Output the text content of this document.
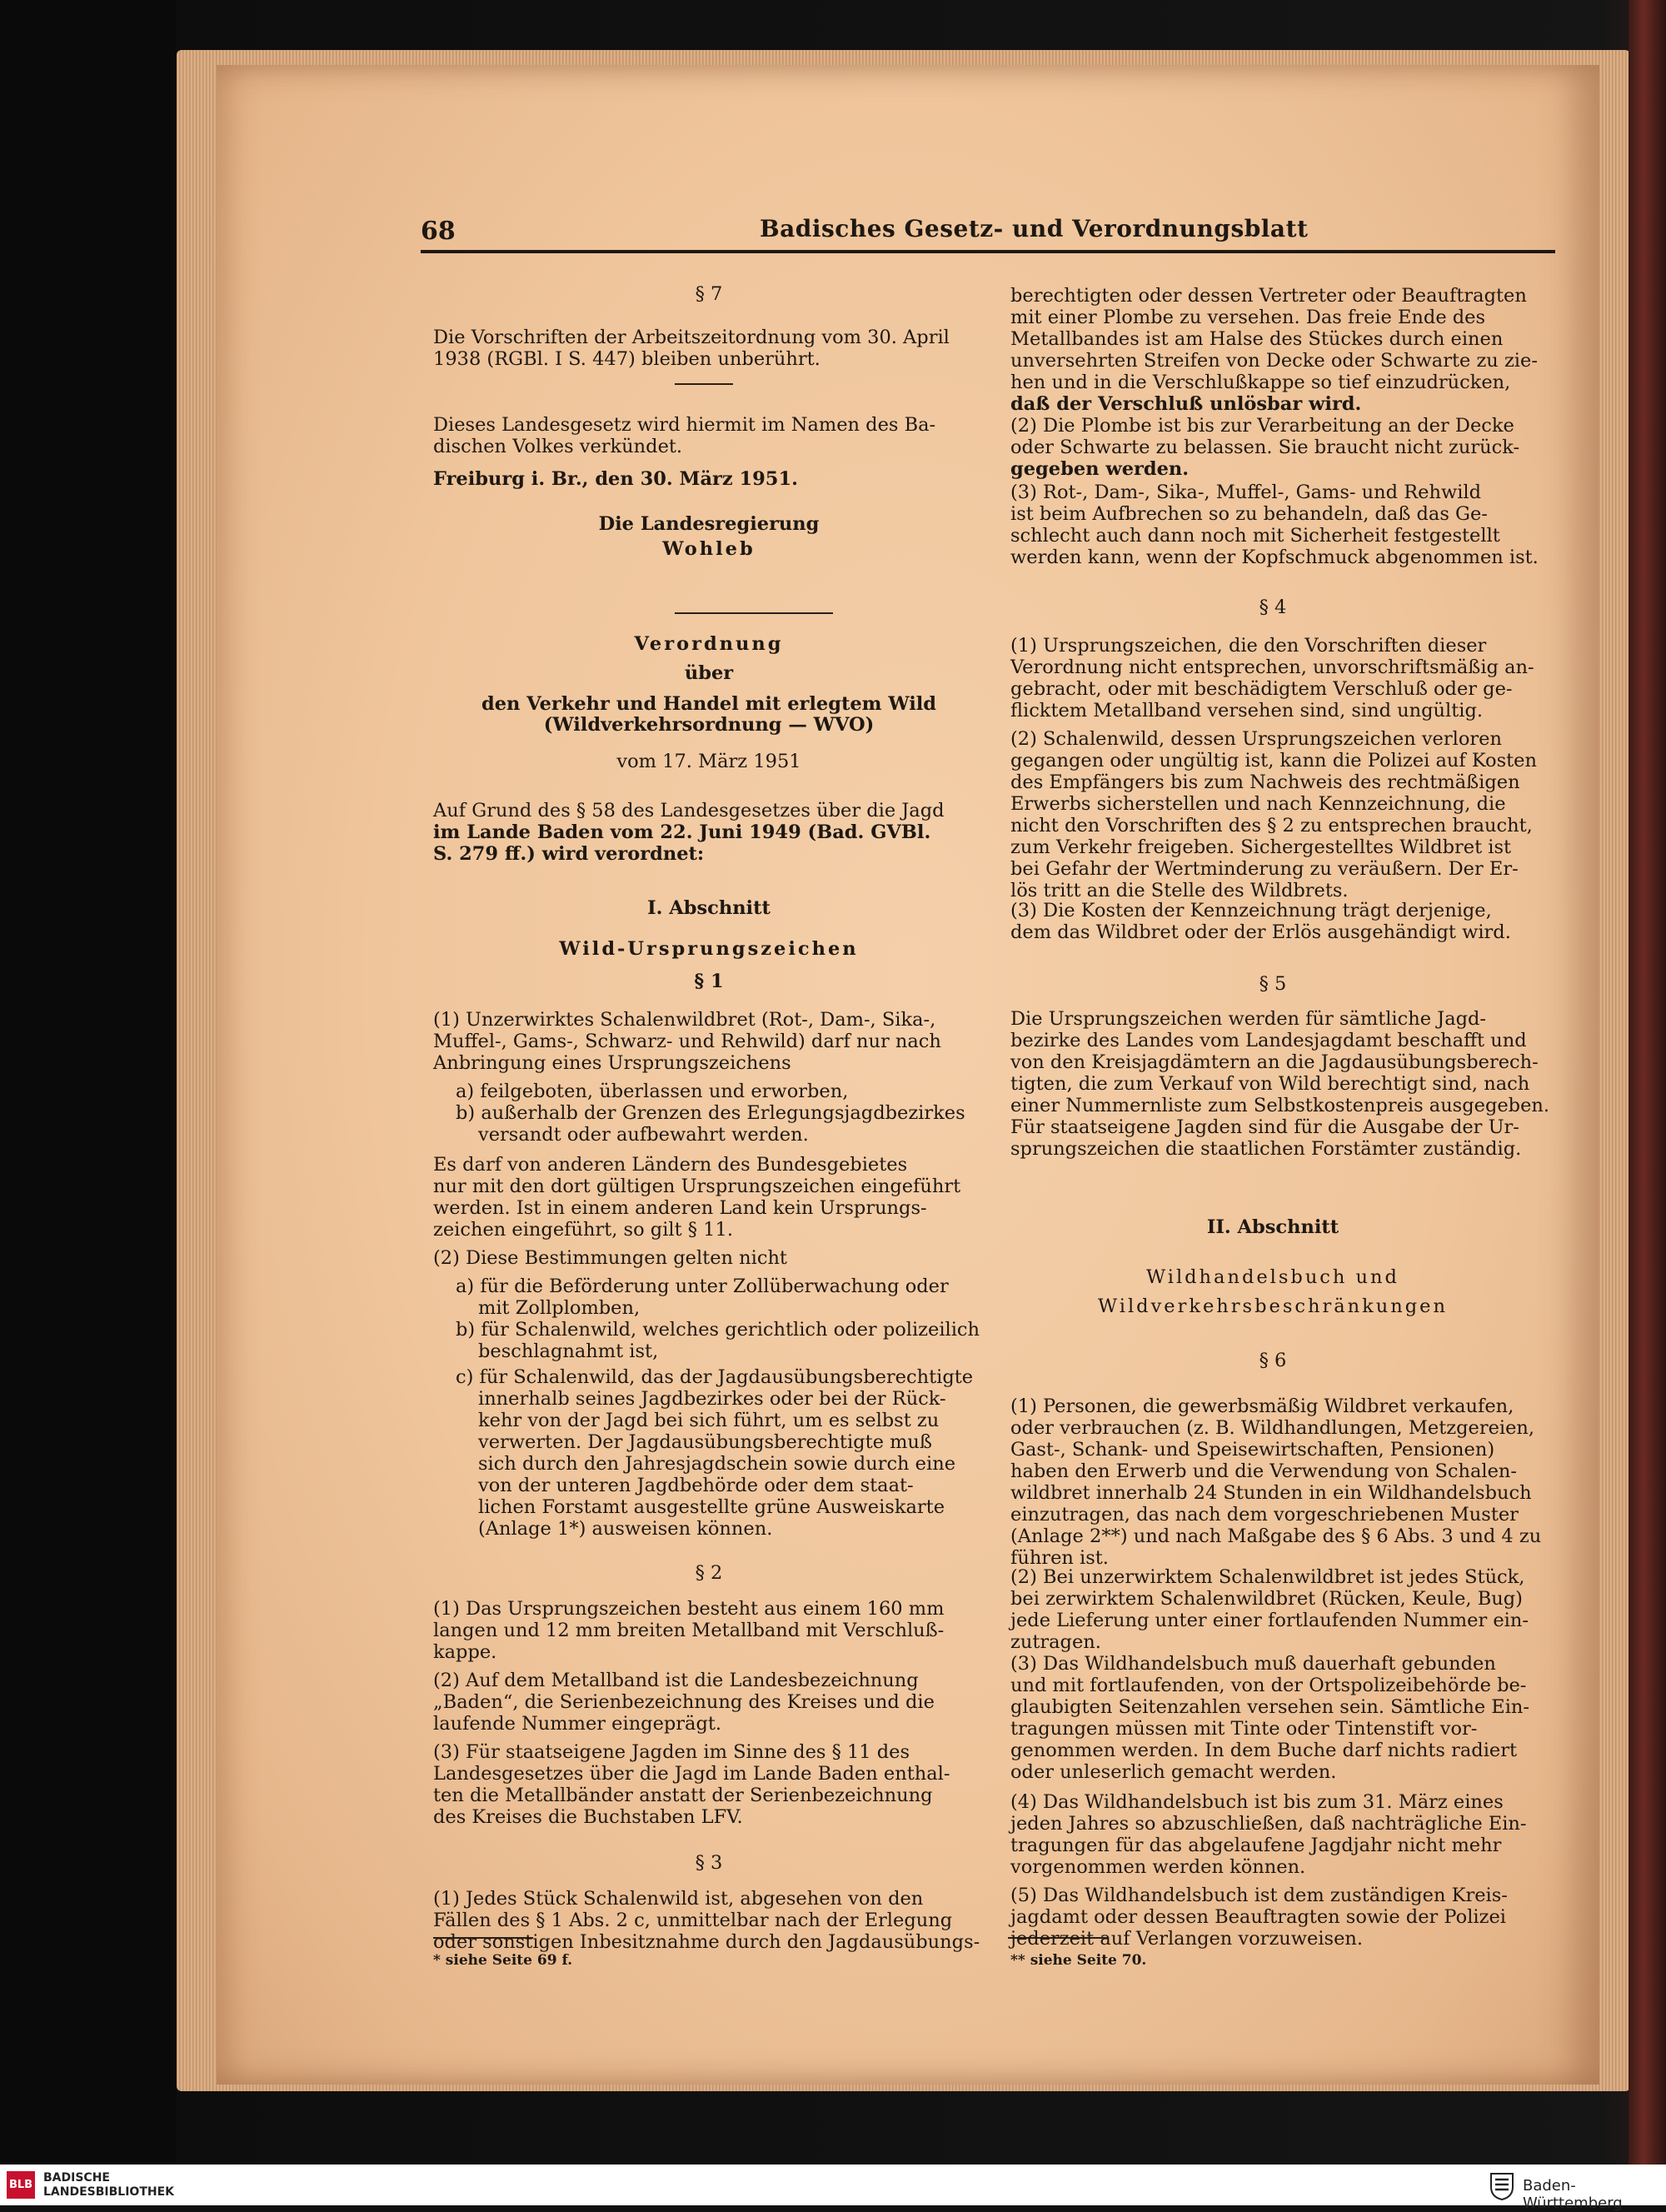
68	Badisches Gesetz- und Verordnungsblatt
BLB
BADISCHE
LANDESBIBLIOTHEK	Baden-Württemberg
§ 7
Die Vorschriften der Arbeitszeitordnung vom 30. April
1938 (RGBl. I S. 447) bleiben unberührt.
Dieses Landesgesetz wird hiermit im Namen des Ba-
dischen Volkes verkündet.
Freiburg i. Br., den 30. März 1951.
Die Landesregierung
Wohleb
Verordnung
über
den Verkehr und Handel mit erlegtem Wild
(Wildverkehrsordnung — WVO)
vom 17. März 1951
Auf Grund des § 58 des Landesgesetzes über die Jagd
im Lande Baden vom 22. Juni 1949 (Bad. GVBl.
S. 279 ff.) wird verordnet:
I. Abschnitt
Wild-Ursprungszeichen
§ 1
(1) Unzerwirktes Schalenwildbret (Rot-, Dam-, Sika-,
Muffel-, Gams-, Schwarz- und Rehwild) darf nur nach
Anbringung eines Ursprungszeichens
a) feilgeboten, überlassen und erworben,
b) außerhalb der Grenzen des Erlegungsjagdbezirkes
versandt oder aufbewahrt werden.
Es darf von anderen Ländern des Bundesgebietes
nur mit den dort gültigen Ursprungszeichen eingeführt
werden. Ist in einem anderen Land kein Ursprungs-
zeichen eingeführt, so gilt § 11.
(2) Diese Bestimmungen gelten nicht
a) für die Beförderung unter Zollüberwachung oder
mit Zollplomben,
b) für Schalenwild, welches gerichtlich oder polizeilich
beschlagnahmt ist,
c) für Schalenwild, das der Jagdausübungsberechtigte
innerhalb seines Jagdbezirkes oder bei der Rück-
kehr von der Jagd bei sich führt, um es selbst zu
verwerten. Der Jagdausübungsberechtigte muß
sich durch den Jahresjagdschein sowie durch eine
von der unteren Jagdbehörde oder dem staat-
lichen Forstamt ausgestellte grüne Ausweiskarte
(Anlage 1*) ausweisen können.
§ 2
(1) Das Ursprungszeichen besteht aus einem 160 mm
langen und 12 mm breiten Metallband mit Verschluß-
kappe.
(2) Auf dem Metallband ist die Landesbezeichnung
„Baden“, die Serienbezeichnung des Kreises und die
laufende Nummer eingeprägt.
(3) Für staatseigene Jagden im Sinne des § 11 des
Landesgesetzes über die Jagd im Lande Baden enthal-
ten die Metallbänder anstatt der Serienbezeichnung
des Kreises die Buchstaben LFV.
§ 3
(1) Jedes Stück Schalenwild ist, abgesehen von den
Fällen des § 1 Abs. 2 c, unmittelbar nach der Erlegung
oder sonstigen Inbesitznahme durch den Jagdausübungs-
* siehe Seite 69 f.
berechtigten oder dessen Vertreter oder Beauftragten
mit einer Plombe zu versehen. Das freie Ende des
Metallbandes ist am Halse des Stückes durch einen
unversehrten Streifen von Decke oder Schwarte zu zie-
hen und in die Verschlußkappe so tief einzudrücken,
daß der Verschluß unlösbar wird.
(2) Die Plombe ist bis zur Verarbeitung an der Decke
oder Schwarte zu belassen. Sie braucht nicht zurück-
gegeben werden.
(3) Rot-, Dam-, Sika-, Muffel-, Gams- und Rehwild
ist beim Aufbrechen so zu behandeln, daß das Ge-
schlecht auch dann noch mit Sicherheit festgestellt
werden kann, wenn der Kopfschmuck abgenommen ist.
§ 4
(1) Ursprungszeichen, die den Vorschriften dieser
Verordnung nicht entsprechen, unvorschriftsmäßig an-
gebracht, oder mit beschädigtem Verschluß oder ge-
flicktem Metallband versehen sind, sind ungültig.
(2) Schalenwild, dessen Ursprungszeichen verloren
gegangen oder ungültig ist, kann die Polizei auf Kosten
des Empfängers bis zum Nachweis des rechtmäßigen
Erwerbs sicherstellen und nach Kennzeichnung, die
nicht den Vorschriften des § 2 zu entsprechen braucht,
zum Verkehr freigeben. Sichergestelltes Wildbret ist
bei Gefahr der Wertminderung zu veräußern. Der Er-
lös tritt an die Stelle des Wildbrets.
(3) Die Kosten der Kennzeichnung trägt derjenige,
dem das Wildbret oder der Erlös ausgehändigt wird.
§ 5
Die Ursprungszeichen werden für sämtliche Jagd-
bezirke des Landes vom Landesjagdamt beschafft und
von den Kreisjagdämtern an die Jagdausübungsberech-
tigten, die zum Verkauf von Wild berechtigt sind, nach
einer Nummernliste zum Selbstkostenpreis ausgegeben.
Für staatseigene Jagden sind für die Ausgabe der Ur-
sprungszeichen die staatlichen Forstämter zuständig.
II. Abschnitt
Wildhandelsbuch und
Wildverkehrsbeschränkungen
§ 6
(1) Personen, die gewerbsmäßig Wildbret verkaufen,
oder verbrauchen (z. B. Wildhandlungen, Metzgereien,
Gast-, Schank- und Speisewirtschaften, Pensionen)
haben den Erwerb und die Verwendung von Schalen-
wildbret innerhalb 24 Stunden in ein Wildhandelsbuch
einzutragen, das nach dem vorgeschriebenen Muster
(Anlage 2**) und nach Maßgabe des § 6 Abs. 3 und 4 zu
führen ist.
(2) Bei unzerwirktem Schalenwildbret ist jedes Stück,
bei zerwirktem Schalenwildbret (Rücken, Keule, Bug)
jede Lieferung unter einer fortlaufenden Nummer ein-
zutragen.
(3) Das Wildhandelsbuch muß dauerhaft gebunden
und mit fortlaufenden, von der Ortspolizeibehörde be-
glaubigten Seitenzahlen versehen sein. Sämtliche Ein-
tragungen müssen mit Tinte oder Tintenstift vor-
genommen werden. In dem Buche darf nichts radiert
oder unleserlich gemacht werden.
(4) Das Wildhandelsbuch ist bis zum 31. März eines
jeden Jahres so abzuschließen, daß nachträgliche Ein-
tragungen für das abgelaufene Jagdjahr nicht mehr
vorgenommen werden können.
(5) Das Wildhandelsbuch ist dem zuständigen Kreis-
jagdamt oder dessen Beauftragten sowie der Polizei
jederzeit auf Verlangen vorzuweisen.
** siehe Seite 70.
